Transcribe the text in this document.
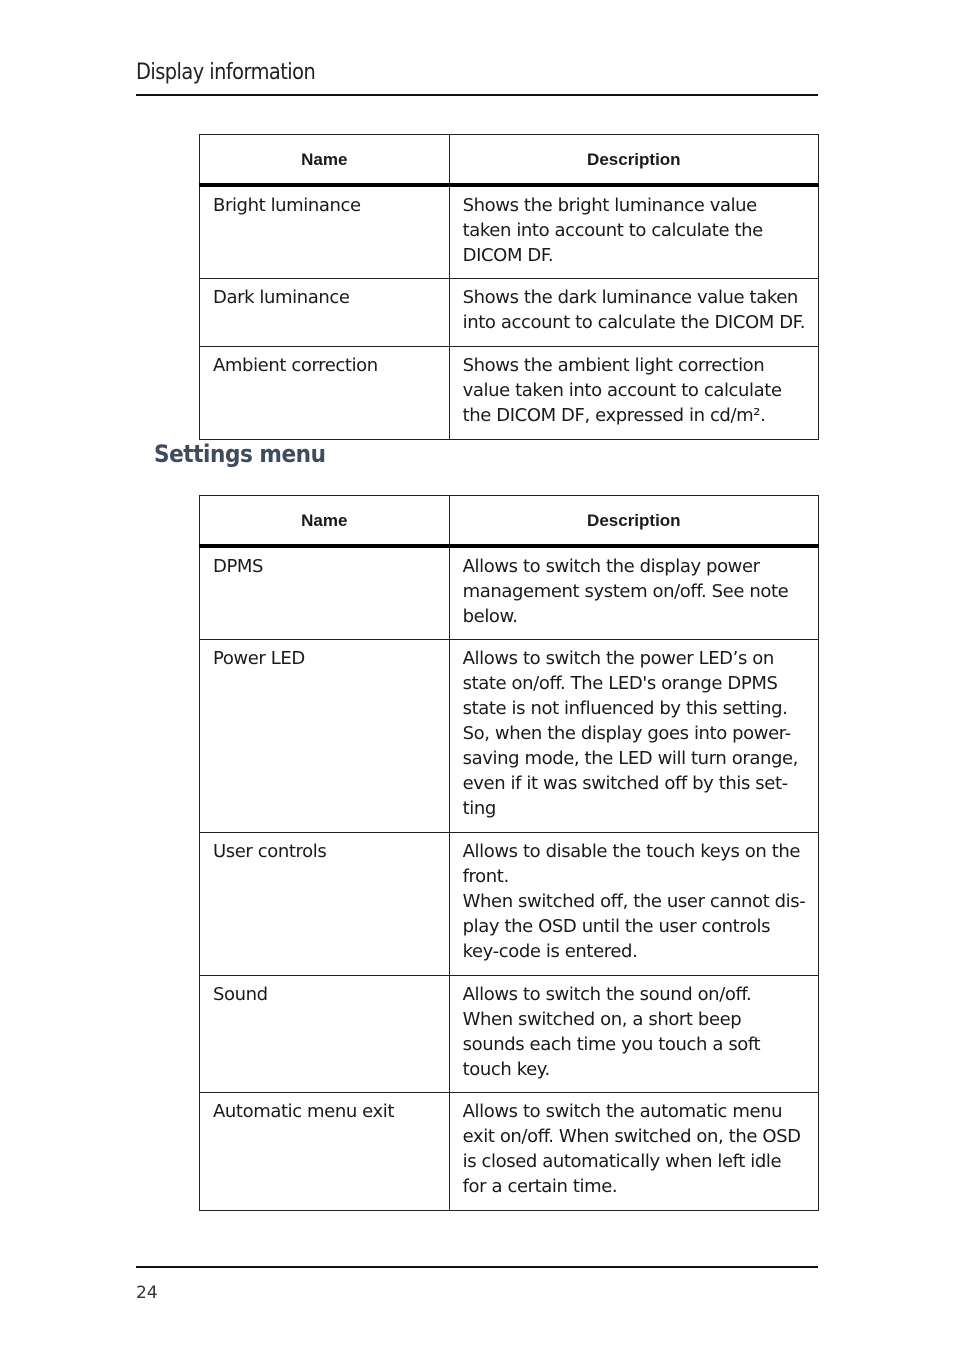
Display information
Name	Description
Bright luminance	Shows the bright luminance value taken into account to calculate the DICOM DF.
Dark luminance	Shows the dark luminance value taken into account to calculate the DICOM DF.
Ambient correction	Shows the ambient light correction value taken into account to calculate the DICOM DF, expressed in cd/m².
Settings menu
Name	Description
DPMS	Allows to switch the display power management system on/off. See note below.
Power LED	Allows to switch the power LED’s on state on/off. The LED's orange DPMS state is not influenced by this setting. So, when the display goes into power-saving mode, the LED will turn orange, even if it was switched off by this set-ting
User controls	Allows to disable the touch keys on the front.
When switched off, the user cannot dis-play the OSD until the user controls key-code is entered.

Sound	Allows to switch the sound on/off.
When switched on, a short beep sounds each time you touch a soft touch key.

Automatic menu exit	Allows to switch the automatic menu exit on/off. When switched on, the OSD is closed automatically when left idle for a certain time.
24
